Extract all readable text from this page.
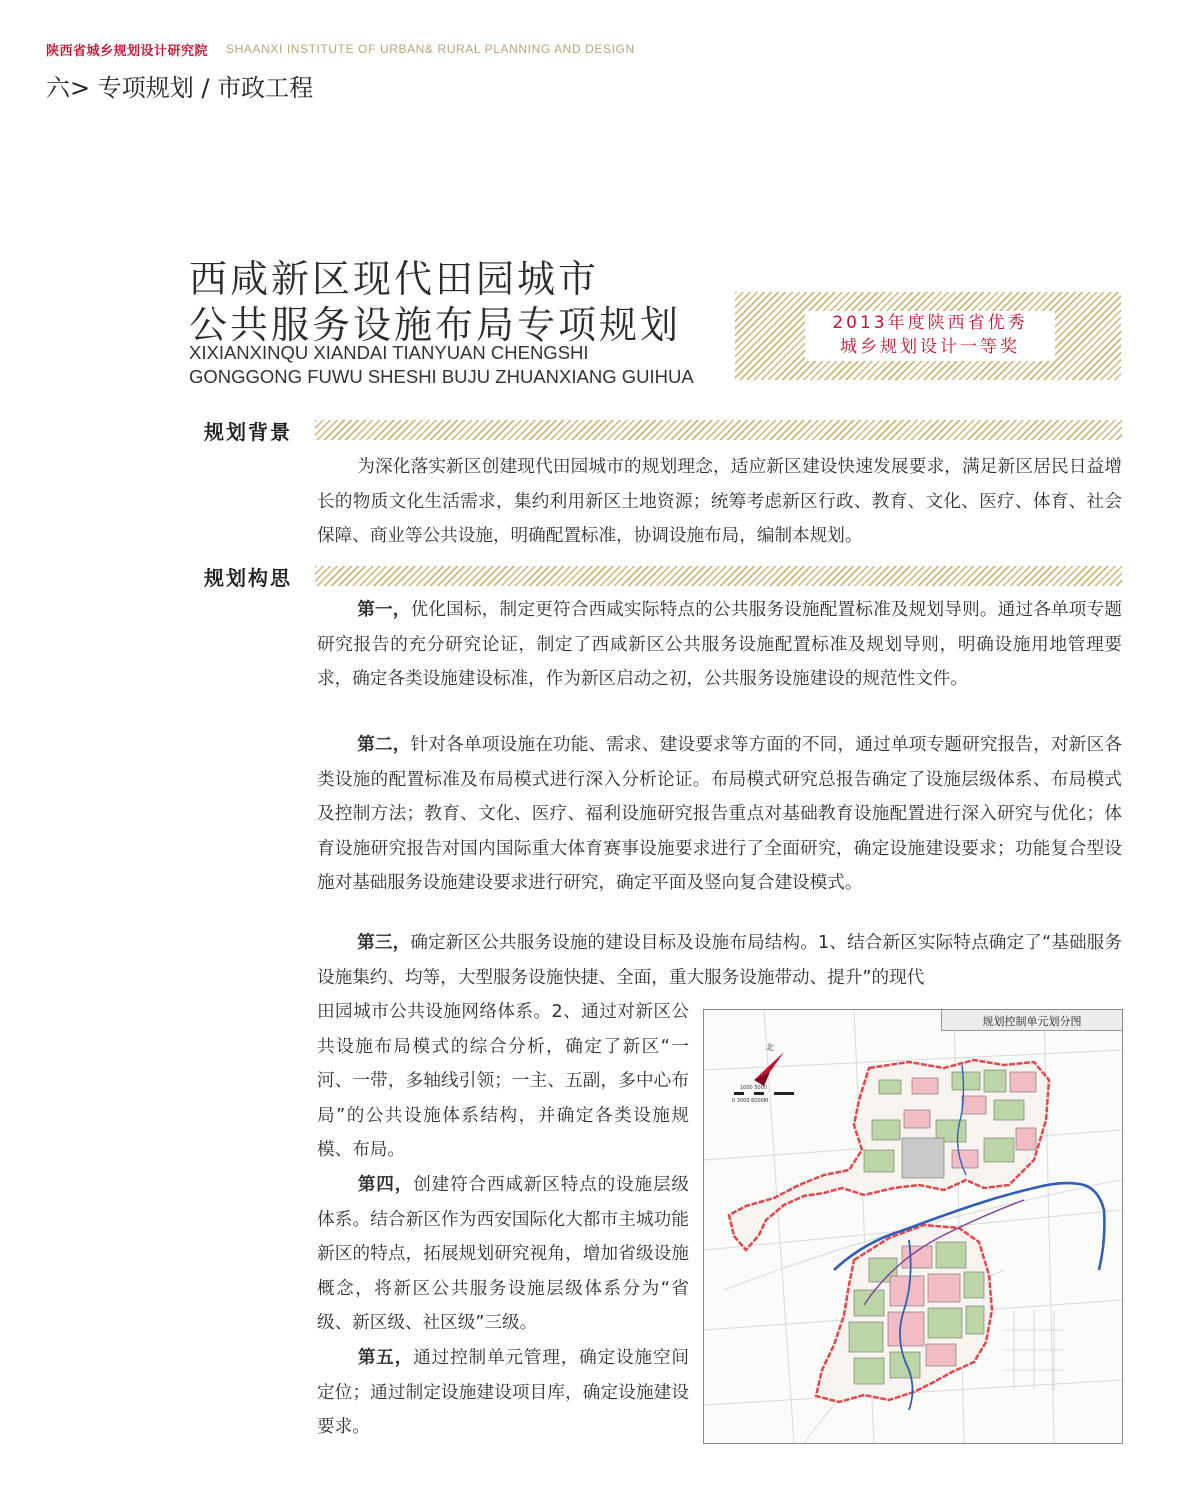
陕西省城乡规划设计研究院 SHAANXI INSTITUTE OF URBAN& RURAL PLANNING AND DESIGN
六> 专项规划 / 市政工程
西咸新区现代田园城市
公共服务设施布局专项规划
XIXIANXINQU XIANDAI TIANYUAN CHENGSHI
GONGGONG FUWU SHESHI BUJU ZHUANXIANG GUIHUA
2013年度陕西省优秀
城乡规划设计一等奖
规划背景
为深化落实新区创建现代田园城市的规划理念，适应新区建设快速发展要求，满足新区居民日益增长的物质文化生活需求，集约利用新区土地资源；统筹考虑新区行政、教育、文化、医疗、体育、社会保障、商业等公共设施，明确配置标准，协调设施布局，编制本规划。
规划构思
第一，优化国标，制定更符合西咸实际特点的公共服务设施配置标准及规划导则。通过各单项专题研究报告的充分研究论证，制定了西咸新区公共服务设施配置标准及规划导则，明确设施用地管理要求，确定各类设施建设标准，作为新区启动之初，公共服务设施建设的规范性文件。
第二，针对各单项设施在功能、需求、建设要求等方面的不同，通过单项专题研究报告，对新区各类设施的配置标准及布局模式进行深入分析论证。布局模式研究总报告确定了设施层级体系、布局模式及控制方法；教育、文化、医疗、福利设施研究报告重点对基础教育设施配置进行深入研究与优化；体育设施研究报告对国内国际重大体育赛事设施要求进行了全面研究，确定设施建设要求；功能复合型设施对基础服务设施建设要求进行研究，确定平面及竖向复合建设模式。
第三，确定新区公共服务设施的建设目标及设施布局结构。1、结合新区实际特点确定了“基础服务设施集约、均等，大型服务设施快捷、全面，重大服务设施带动、提升”的现代
田园城市公共设施网络体系。2、通过对新区公共设施布局模式的综合分析，确定了新区“一河、一带，多轴线引领；一主、五副，多中心布局”的公共设施体系结构，并确定各类设施规模、布局。
第四，创建符合西咸新区特点的设施层级体系。结合新区作为西安国际化大都市主城功能新区的特点，拓展规划研究视角，增加省级设施概念，将新区公共服务设施层级体系分为“省级、新区级、社区级”三级。
第五，通过控制单元管理，确定设施空间定位；通过制定设施建设项目库，确定设施建设要求。
北
1000 5000
0 3000 6000M
规划控制单元划分图
